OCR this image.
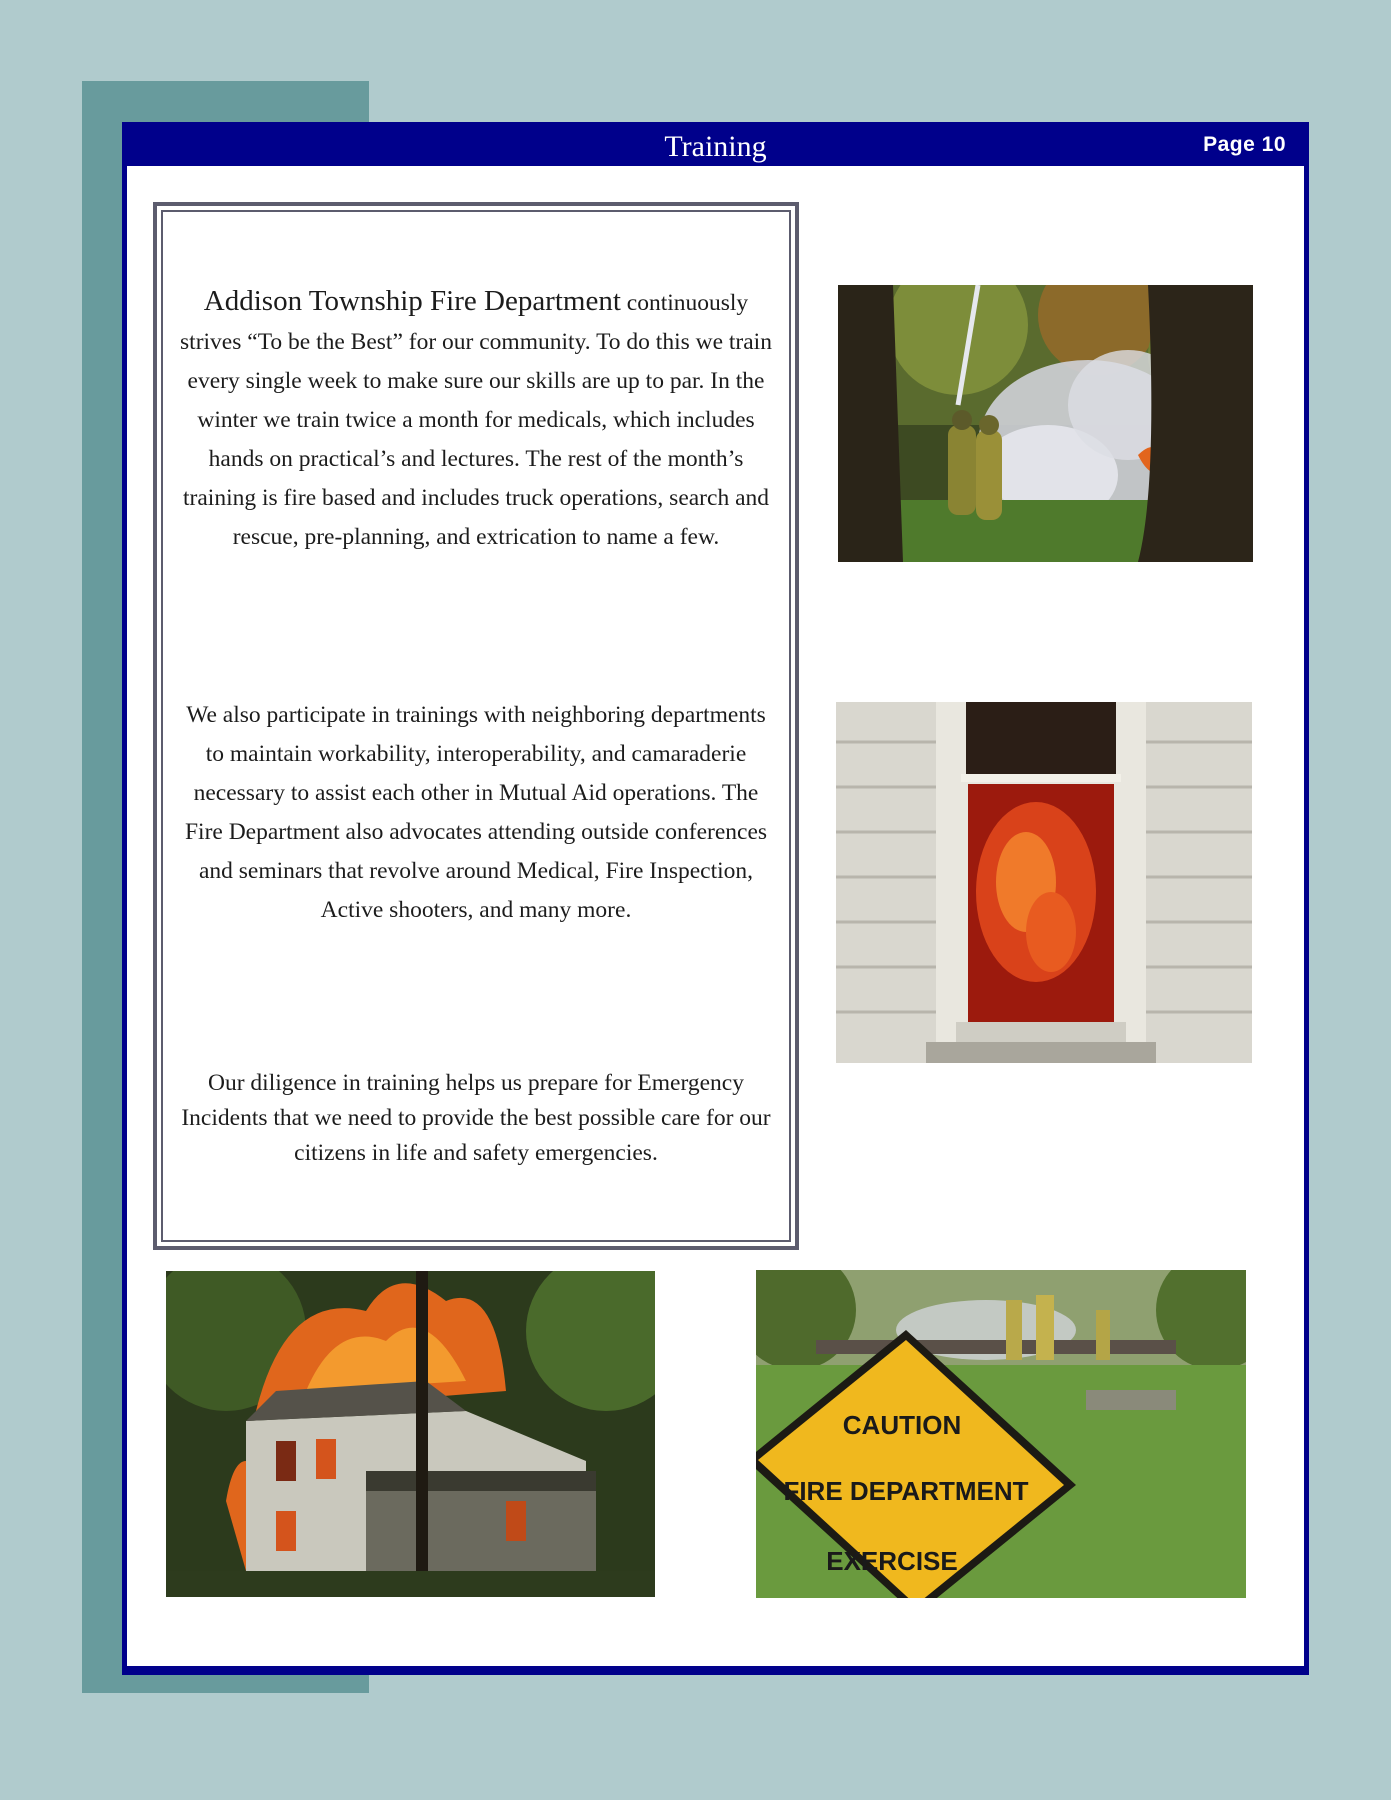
Training	Page 10

Addison Township Fire Department continuously strives “To be the Best” for our community. To do this we train every single week to make sure our skills are up to par. In the winter we train twice a month for medicals, which includes hands on practical’s and lectures. The rest of the month’s training is fire based and includes truck operations, search and rescue, pre-planning, and extrication to name a few.

We also participate in trainings with neighboring departments to maintain workability, interoperability, and camaraderie necessary to assist each other in Mutual Aid operations. The Fire Department also advocates attending outside conferences and seminars that revolve around Medical, Fire Inspection, Active shooters, and many more.

Our diligence in training helps us prepare for Emergency Incidents that we need to provide the best possible care for our citizens in life and safety emergencies.

CAUTION
FIRE DEPARTMENT
EXERCISE
